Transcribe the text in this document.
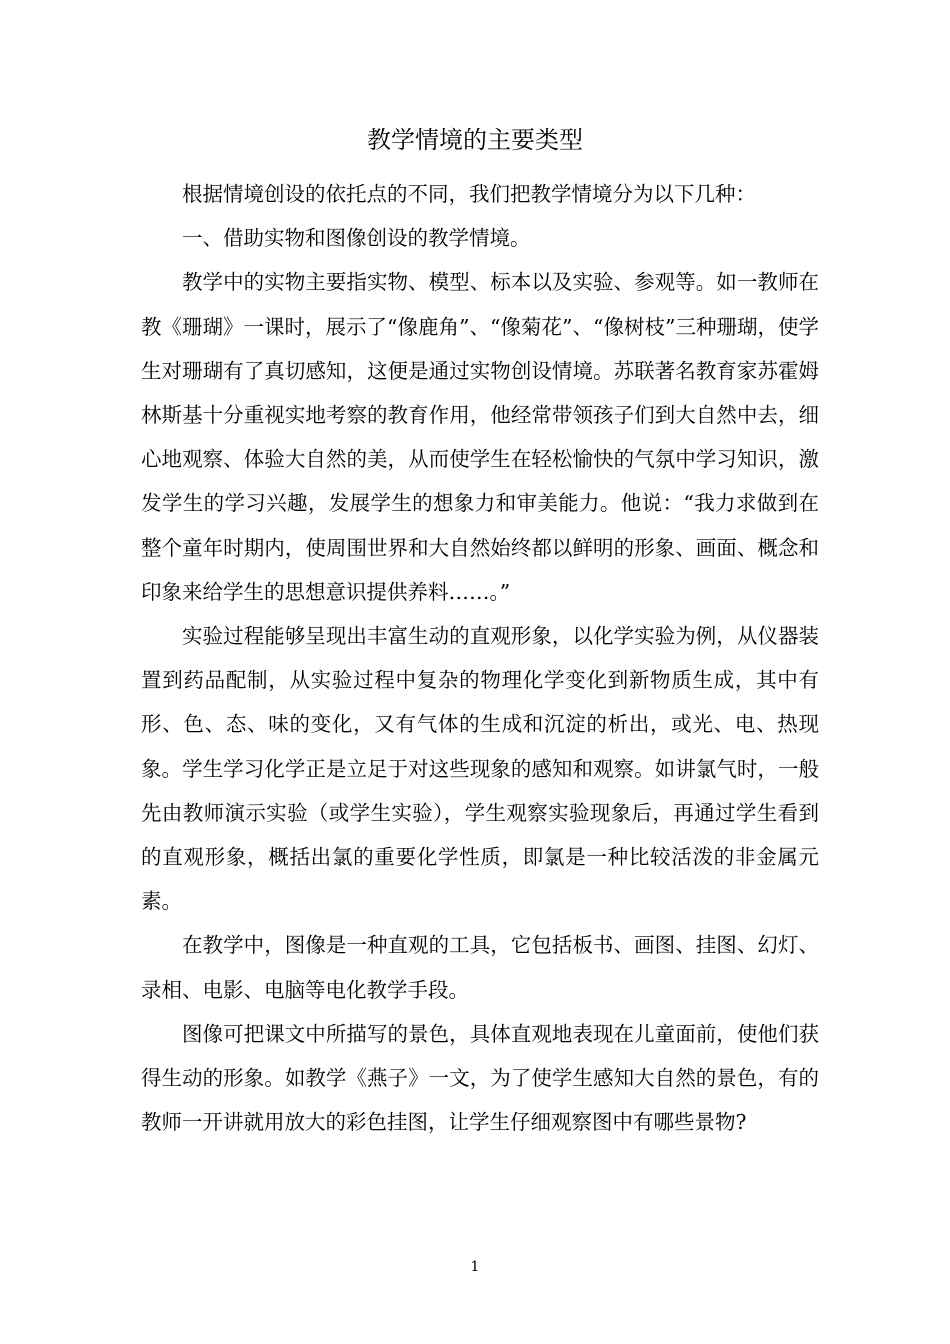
教学情境的主要类型

根据情境创设的依托点的不同，我们把教学情境分为以下几种：

一、借助实物和图像创设的教学情境。

教学中的实物主要指实物、模型、标本以及实验、参观等。如一教师在教《珊瑚》一课时，展示了“像鹿角”、“像菊花”、“像树枝”三种珊瑚，使学生对珊瑚有了真切感知，这便是通过实物创设情境。苏联著名教育家苏霍姆林斯基十分重视实地考察的教育作用，他经常带领孩子们到大自然中去，细心地观察、体验大自然的美，从而使学生在轻松愉快的气氛中学习知识，激发学生的学习兴趣，发展学生的想象力和审美能力。他说：“我力求做到在整个童年时期内，使周围世界和大自然始终都以鲜明的形象、画面、概念和印象来给学生的思想意识提供养料……。”

实验过程能够呈现出丰富生动的直观形象，以化学实验为例，从仪器装置到药品配制，从实验过程中复杂的物理化学变化到新物质生成，其中有形、色、态、味的变化，又有气体的生成和沉淀的析出，或光、电、热现象。学生学习化学正是立足于对这些现象的感知和观察。如讲氯气时，一般先由教师演示实验（或学生实验），学生观察实验现象后，再通过学生看到的直观形象，概括出氯的重要化学性质，即氯是一种比较活泼的非金属元素。

在教学中，图像是一种直观的工具，它包括板书、画图、挂图、幻灯、录相、电影、电脑等电化教学手段。

图像可把课文中所描写的景色，具体直观地表现在儿童面前，使他们获得生动的形象。如教学《燕子》一文，为了使学生感知大自然的景色，有的教师一开讲就用放大的彩色挂图，让学生仔细观察图中有哪些景物?

1
